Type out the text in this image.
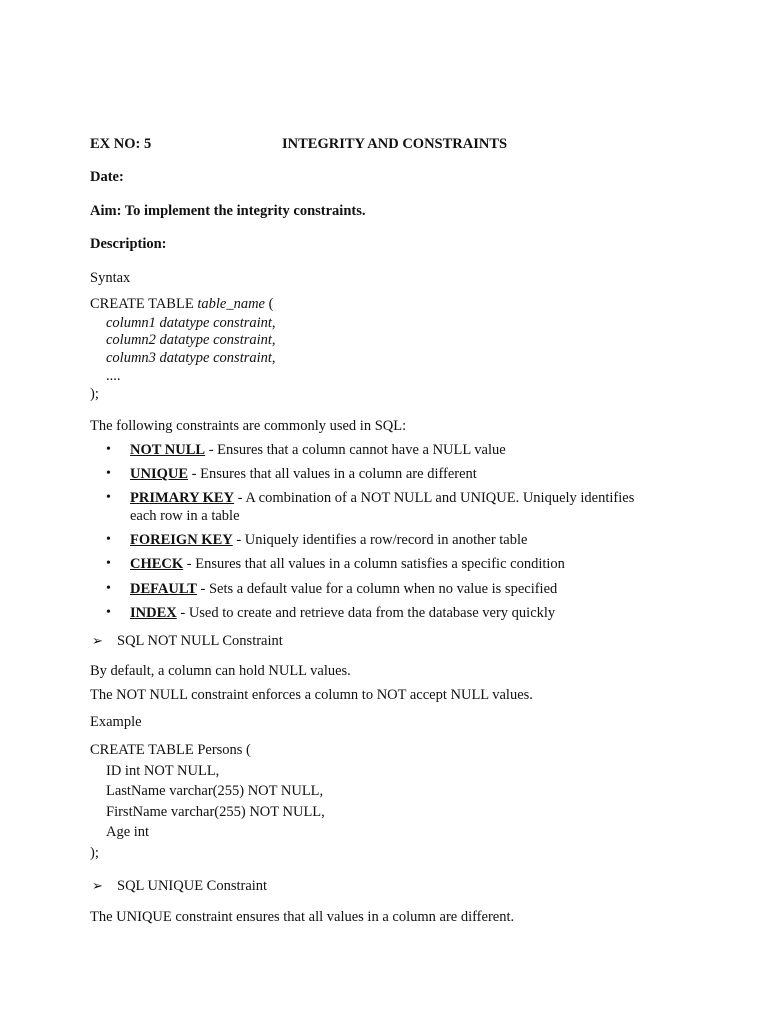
EX NO: 5	INTEGRITY AND CONSTRAINTS
Date:
Aim: To implement the integrity constraints.
Description:
Syntax
CREATE TABLE table_name (
column1 datatype constraint,
column2 datatype constraint,
column3 datatype constraint,
....
);
The following constraints are commonly used in SQL:
• NOT NULL - Ensures that a column cannot have a NULL value
• UNIQUE - Ensures that all values in a column are different
• PRIMARY KEY - A combination of a NOT NULL and UNIQUE. Uniquely identifies
each row in a table
• FOREIGN KEY - Uniquely identifies a row/record in another table
• CHECK - Ensures that all values in a column satisfies a specific condition
• DEFAULT - Sets a default value for a column when no value is specified
• INDEX - Used to create and retrieve data from the database very quickly
➢ SQL NOT NULL Constraint
By default, a column can hold NULL values.
The NOT NULL constraint enforces a column to NOT accept NULL values.
Example
CREATE TABLE Persons (
ID int NOT NULL,
LastName varchar(255) NOT NULL,
FirstName varchar(255) NOT NULL,
Age int
);
➢ SQL UNIQUE Constraint
The UNIQUE constraint ensures that all values in a column are different.
